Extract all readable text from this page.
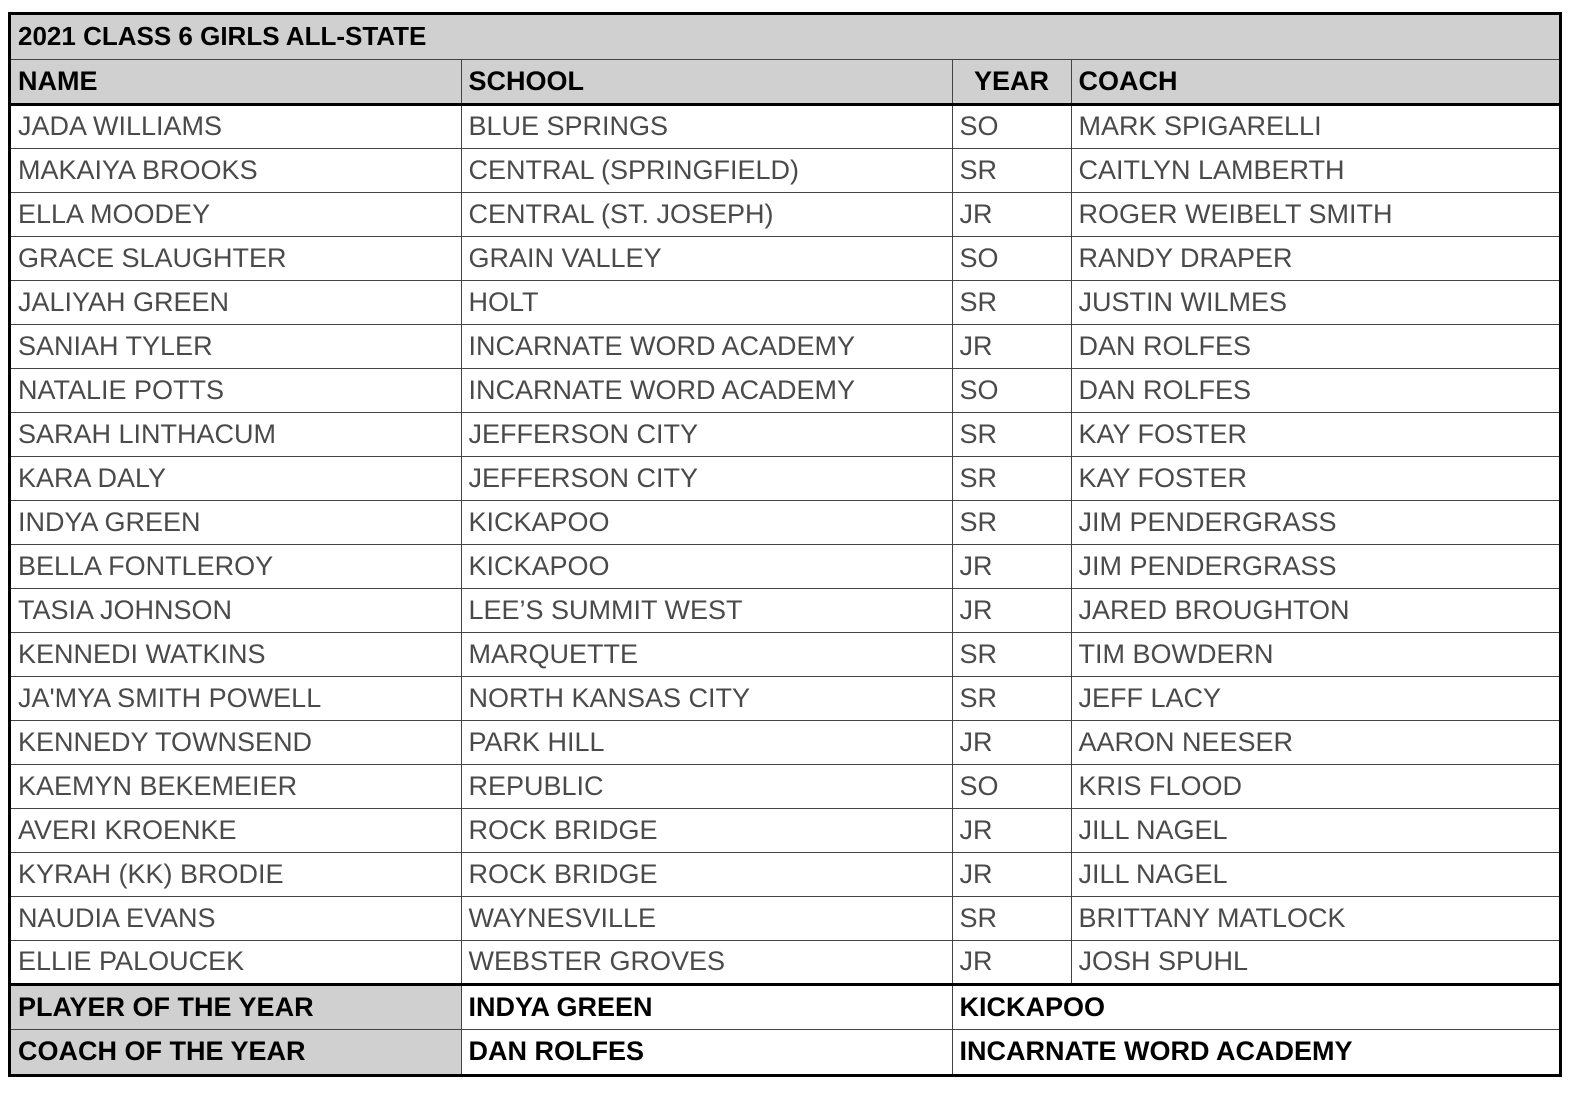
2021 CLASS 6 GIRLS ALL-STATE			
NAME	SCHOOL	YEAR	COACH
JADA WILLIAMS	BLUE SPRINGS	SO	MARK SPIGARELLI
MAKAIYA BROOKS	CENTRAL (SPRINGFIELD)	SR	CAITLYN LAMBERTH
ELLA MOODEY	CENTRAL (ST. JOSEPH)	JR	ROGER WEIBELT SMITH
GRACE SLAUGHTER	GRAIN VALLEY	SO	RANDY DRAPER
JALIYAH GREEN	HOLT	SR	JUSTIN WILMES
SANIAH TYLER	INCARNATE WORD ACADEMY	JR	DAN ROLFES
NATALIE POTTS	INCARNATE WORD ACADEMY	SO	DAN ROLFES
SARAH LINTHACUM	JEFFERSON CITY	SR	KAY FOSTER
KARA DALY	JEFFERSON CITY	SR	KAY FOSTER
INDYA GREEN	KICKAPOO	SR	JIM PENDERGRASS
BELLA FONTLEROY	KICKAPOO	JR	JIM PENDERGRASS
TASIA JOHNSON	LEE’S SUMMIT WEST	JR	JARED BROUGHTON
KENNEDI WATKINS	MARQUETTE	SR	TIM BOWDERN
JA'MYA SMITH POWELL	NORTH KANSAS CITY	SR	JEFF LACY
KENNEDY TOWNSEND	PARK HILL	JR	AARON NEESER
KAEMYN BEKEMEIER	REPUBLIC	SO	KRIS FLOOD
AVERI KROENKE	ROCK BRIDGE	JR	JILL NAGEL
KYRAH (KK) BRODIE	ROCK BRIDGE	JR	JILL NAGEL
NAUDIA EVANS	WAYNESVILLE	SR	BRITTANY MATLOCK
ELLIE PALOUCEK	WEBSTER GROVES	JR	JOSH SPUHL
PLAYER OF THE YEAR	INDYA GREEN	KICKAPOO	
COACH OF THE YEAR	DAN ROLFES	INCARNATE WORD ACADEMY	
